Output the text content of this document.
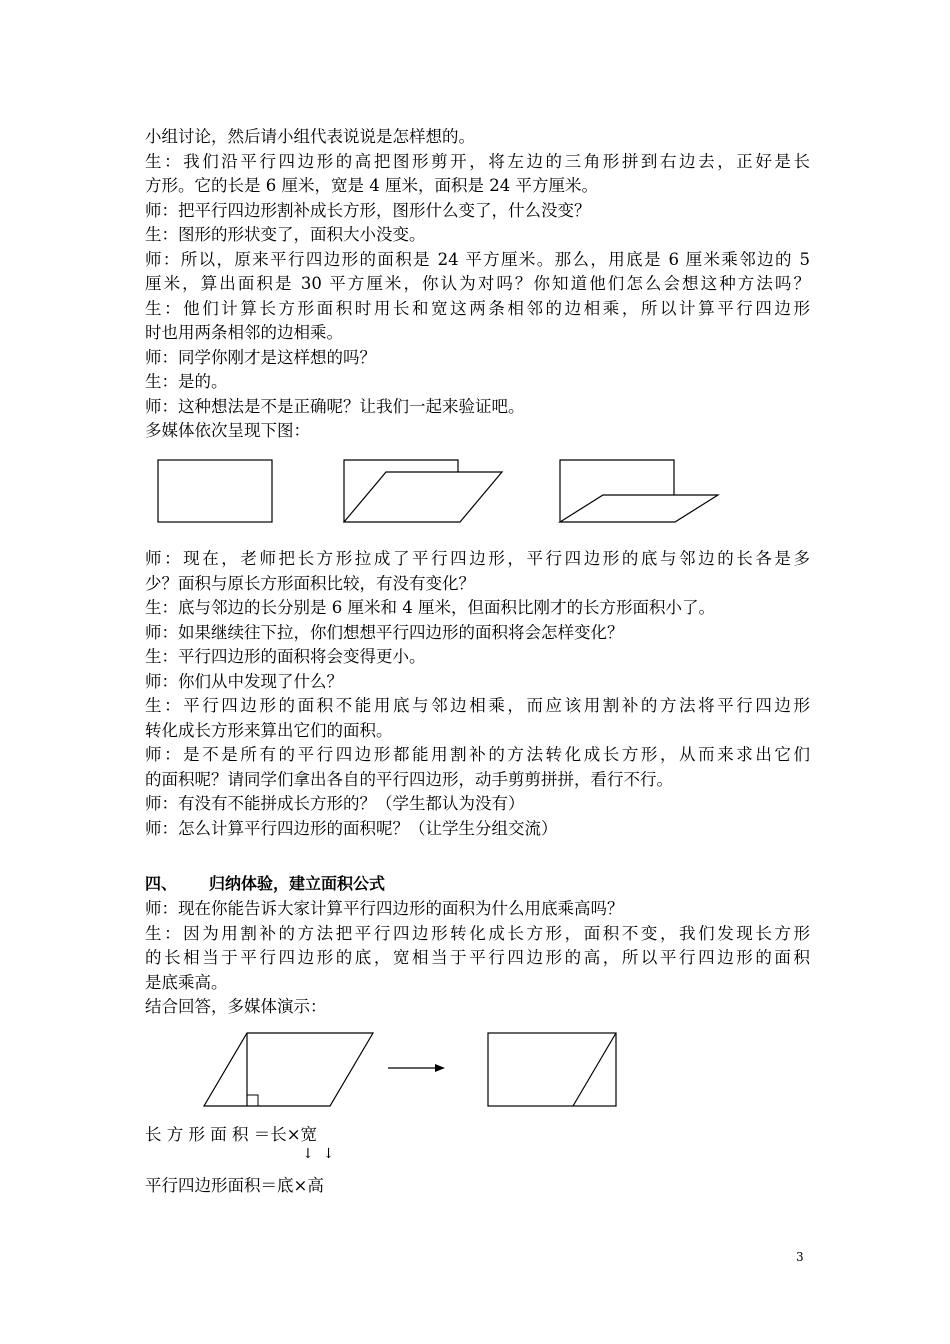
小组讨论，然后请小组代表说说是怎样想的。
生：我们沿平行四边形的高把图形剪开，将左边的三角形拼到右边去，正好是长
方形。它的长是 6 厘米，宽是 4 厘米，面积是 24 平方厘米。
师：把平行四边形割补成长方形，图形什么变了，什么没变？
生：图形的形状变了，面积大小没变。
师：所以，原来平行四边形的面积是 24 平方厘米。那么，用底是 6 厘米乘邻边的 5
厘米，算出面积是 30 平方厘米，你认为对吗？你知道他们怎么会想这种方法吗？
生：他们计算长方形面积时用长和宽这两条相邻的边相乘，所以计算平行四边形
时也用两条相邻的边相乘。
师：同学你刚才是这样想的吗？
生：是的。
师：这种想法是不是正确呢？让我们一起来验证吧。
多媒体依次呈现下图：
师：现在，老师把长方形拉成了平行四边形，平行四边形的底与邻边的长各是多
少？面积与原长方形面积比较，有没有变化？
生：底与邻边的长分别是 6 厘米和 4 厘米，但面积比刚才的长方形面积小了。
师：如果继续往下拉，你们想想平行四边形的面积将会怎样变化？
生：平行四边形的面积将会变得更小。
师：你们从中发现了什么？
生：平行四边形的面积不能用底与邻边相乘，而应该用割补的方法将平行四边形
转化成长方形来算出它们的面积。
师：是不是所有的平行四边形都能用割补的方法转化成长方形，从而来求出它们
的面积呢？请同学们拿出各自的平行四边形，动手剪剪拼拼，看行不行。
师：有没有不能拼成长方形的？（学生都认为没有）
师：怎么计算平行四边形的面积呢？（让学生分组交流）
四、 归纳体验，建立面积公式
师：现在你能告诉大家计算平行四边形的面积为什么用底乘高吗？
生：因为用割补的方法把平行四边形转化成长方形，面积不变，我们发现长方形
的长相当于平行四边形的底，宽相当于平行四边形的高，所以平行四边形的面积
是底乘高。
结合回答，多媒体演示：
长 方 形 面 积 ＝长×宽
↓  ↓
平行四边形面积＝底×高
3
